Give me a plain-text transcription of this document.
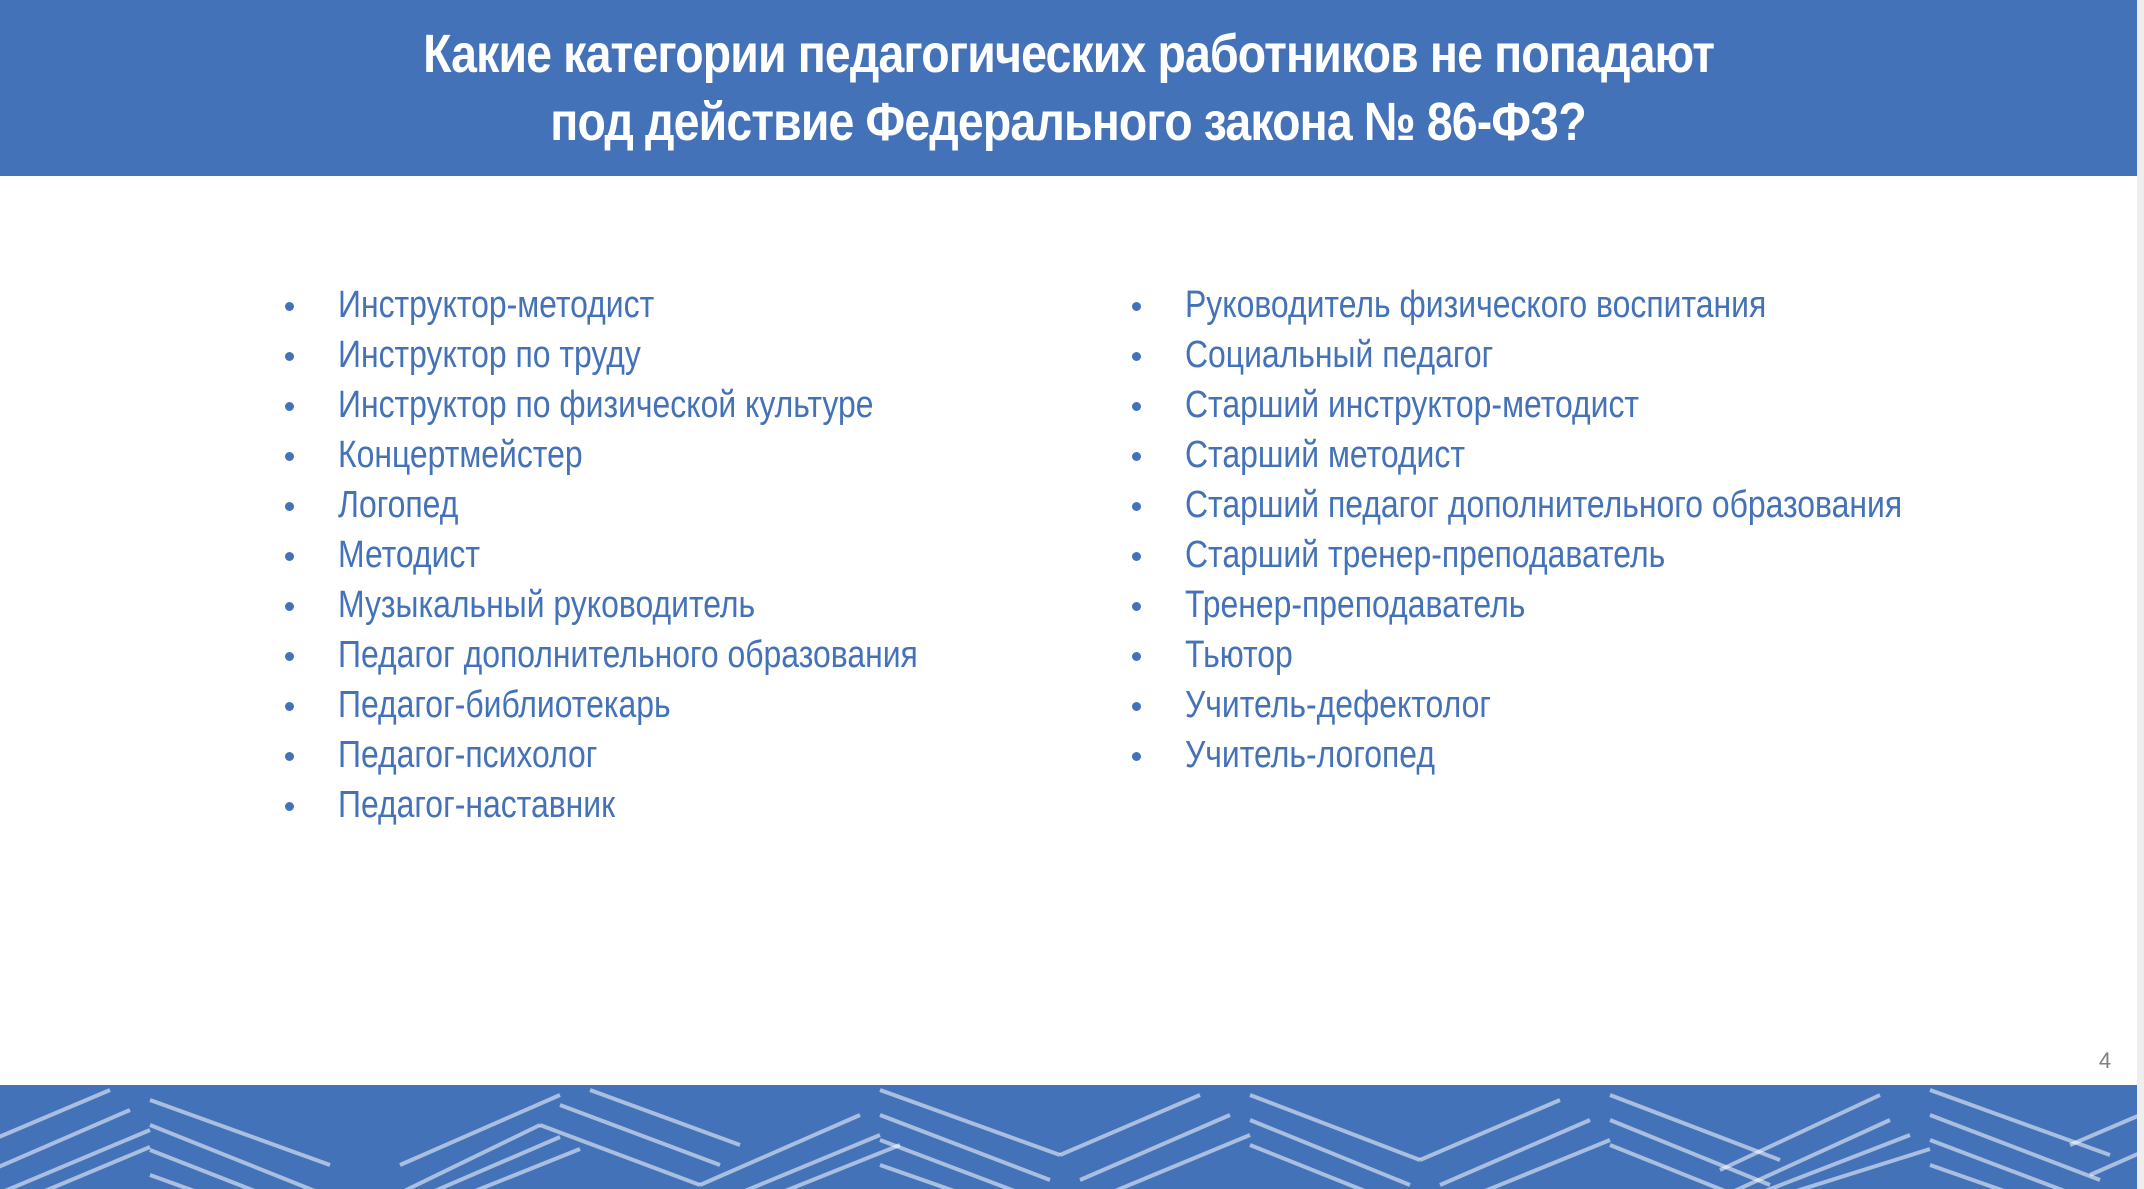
Какие категории педагогических работников не попадают
под действие Федерального закона № 86-ФЗ?
Инструктор-методист
Инструктор по труду
Инструктор по физической культуре
Концертмейстер
Логопед
Методист
Музыкальный руководитель
Педагог дополнительного образования
Педагог-библиотекарь
Педагог-психолог
Педагог-наставник
Руководитель физического воспитания
Социальный педагог
Старший инструктор-методист
Старший методист
Старший педагог дополнительного образования
Старший тренер-преподаватель
Тренер-преподаватель
Тьютор
Учитель-дефектолог
Учитель-логопед
4
